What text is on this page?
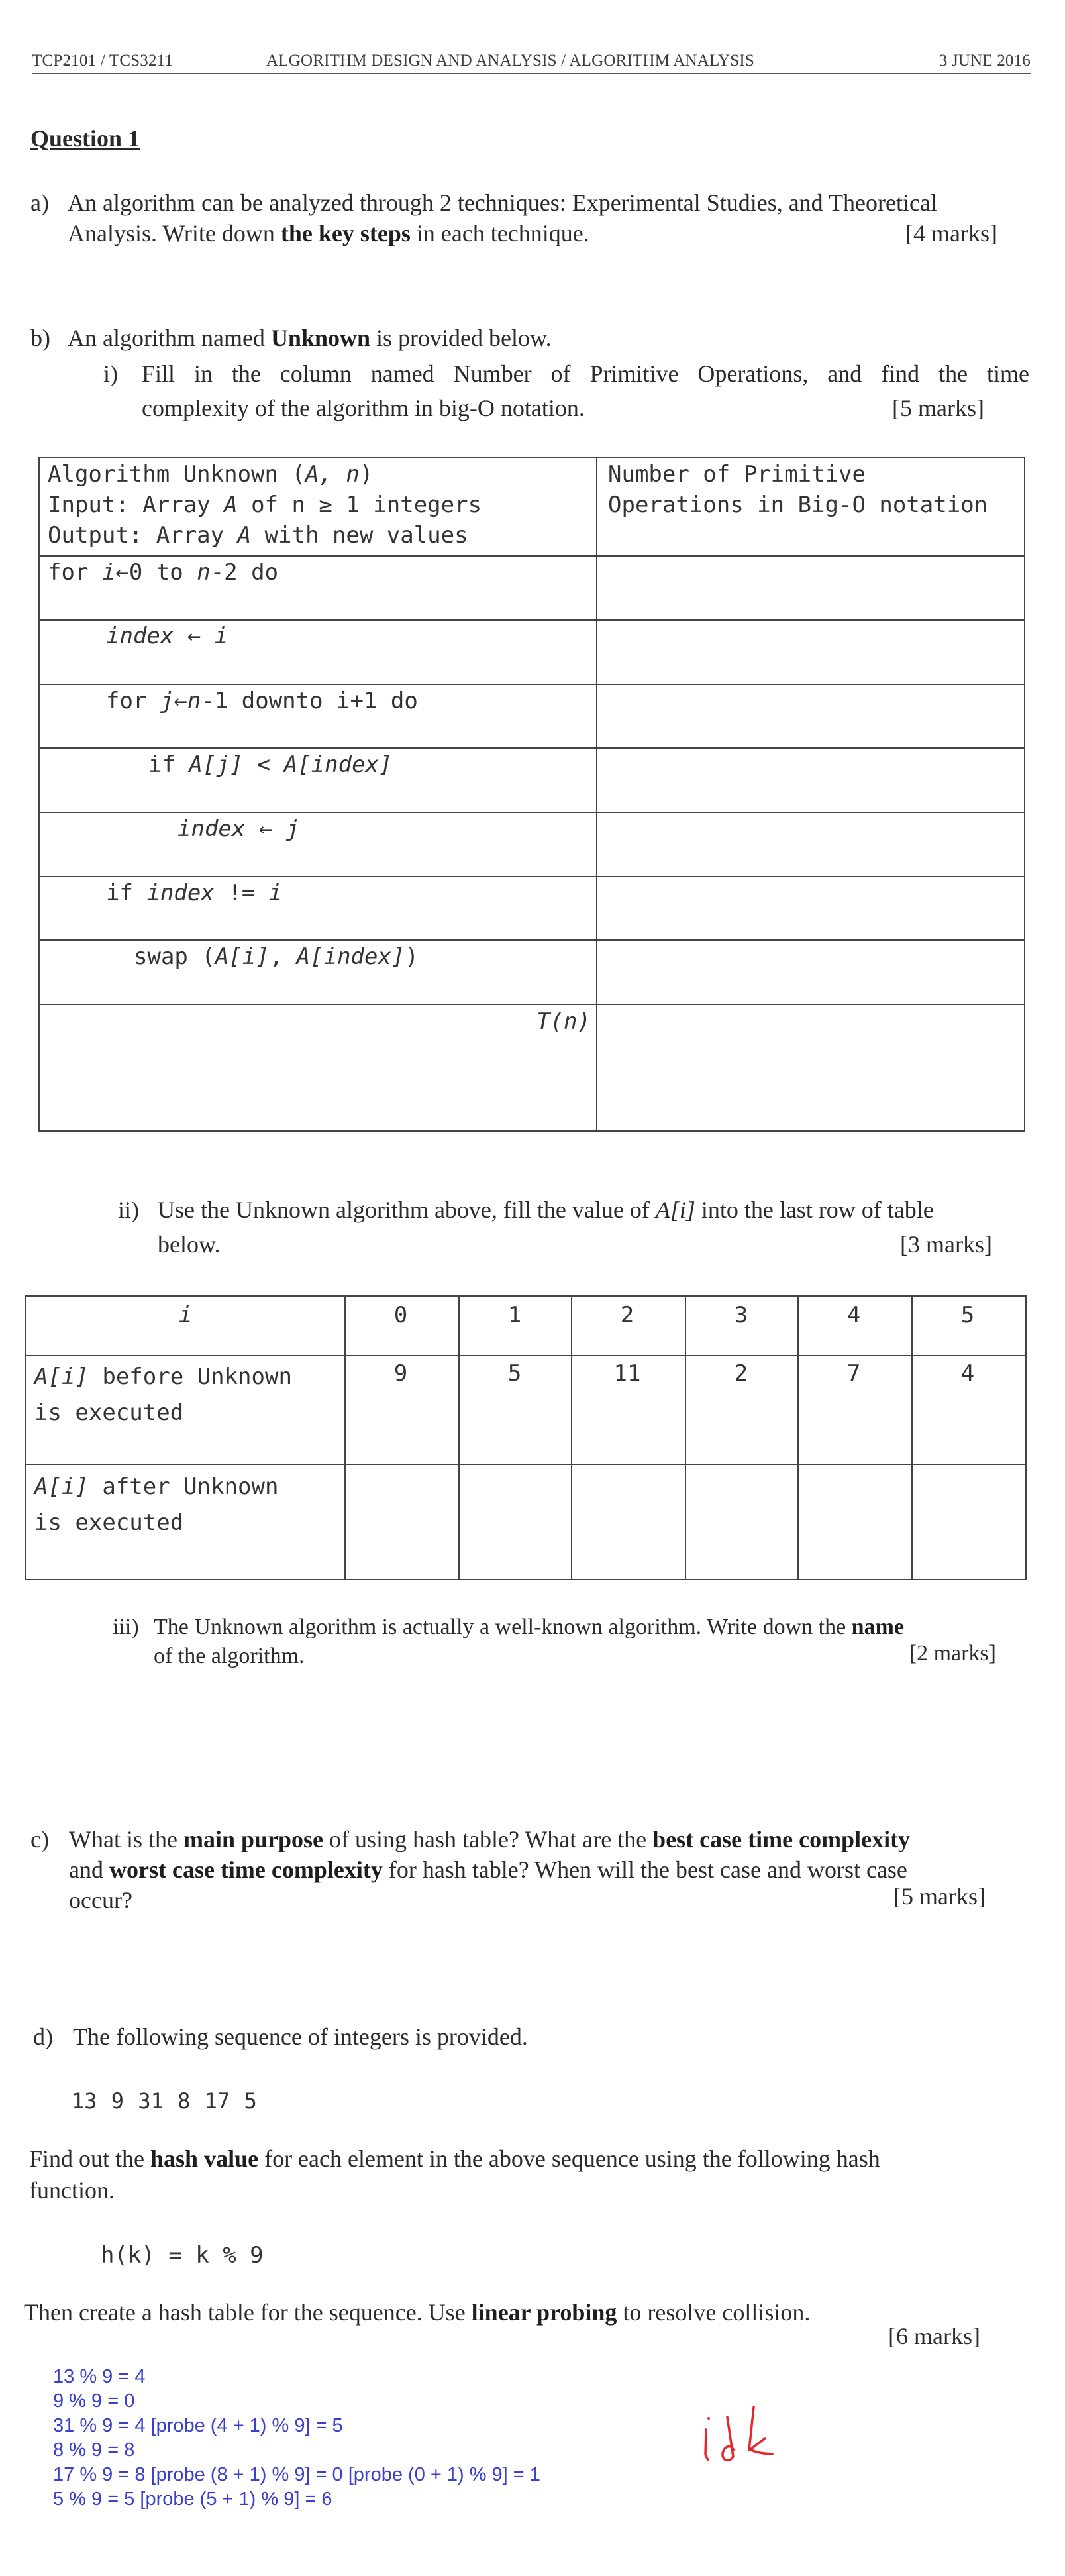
TCP2101 / TCS3211	ALGORITHM DESIGN AND ANALYSIS / ALGORITHM ANALYSIS	3 JUNE 2016
Question 1
a) An algorithm can be analyzed through 2 techniques: Experimental Studies, and Theoretical
Analysis. Write down the key steps in each technique.	[4 marks]
b) An algorithm named Unknown is provided below.
i) Fill in the column named Number of Primitive Operations, and find the time
complexity of the algorithm in big-O notation.	[5 marks]
Algorithm Unknown (A, n)
Input: Array A of n ≥ 1 integers
Output: Array A with new values
Number of Primitive
Operations in Big-O notation
for i←0 to n-2 do
index ← i
for j←n-1 downto i+1 do
if A[j] < A[index]
index ← j
if index != i
swap (A[i], A[index])
T(n)
ii) Use the Unknown algorithm above, fill the value of A[i] into the last row of table
below.	[3 marks]
i	0	1	2	3	4	5
A[i] before Unknown
is executed
9	5	11	2	7	4
A[i] after Unknown
is executed
iii) The Unknown algorithm is actually a well-known algorithm. Write down the name
of the algorithm.	[2 marks]
c) What is the main purpose of using hash table? What are the best case time complexity
and worst case time complexity for hash table? When will the best case and worst case
occur?	[5 marks]
d) The following sequence of integers is provided.
13 9 31 8 17 5
Find out the hash value for each element in the above sequence using the following hash
function.
h(k) = k % 9
Then create a hash table for the sequence. Use linear probing to resolve collision.
[6 marks]
13 % 9 = 4
9 % 9 = 0
31 % 9 = 4 [probe (4 + 1) % 9] = 5
8 % 9 = 8
17 % 9 = 8 [probe (8 + 1) % 9] = 0 [probe (0 + 1) % 9] = 1
5 % 9 = 5 [probe (5 + 1) % 9] = 6
